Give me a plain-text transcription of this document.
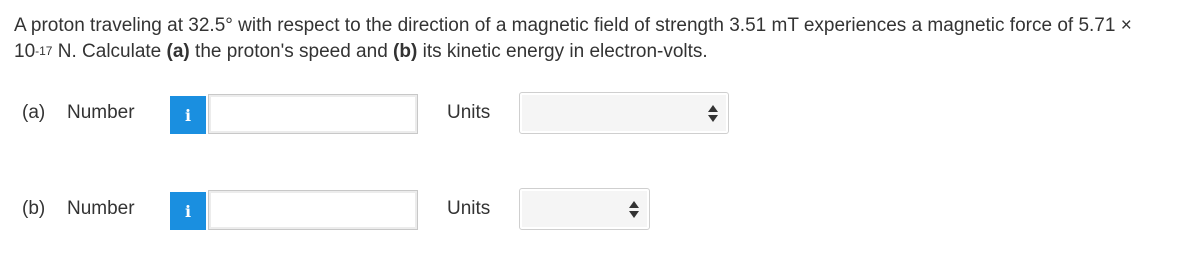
A proton traveling at 32.5° with respect to the direction of a magnetic field of strength 3.51 mT experiences a magnetic force of 5.71 ×
$10^{-17}$ N. Calculate (a) the proton's speed and (b) its kinetic energy in electron-volts.
(a) Number	i	Units
(b) Number	i	Units
